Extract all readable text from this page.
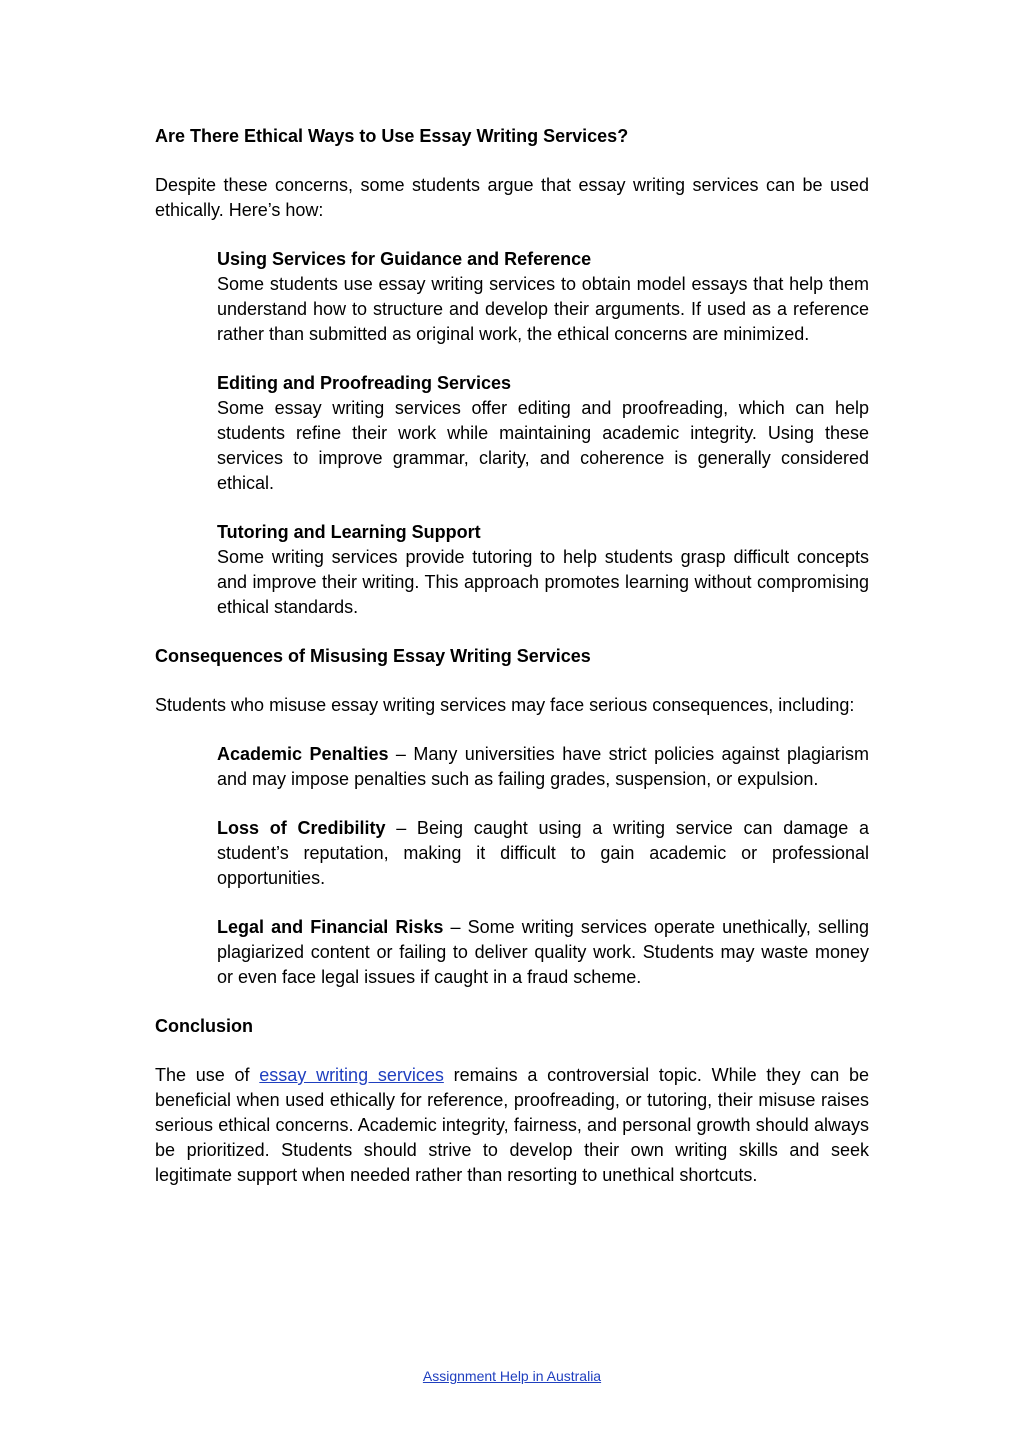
Are There Ethical Ways to Use Essay Writing Services?
Despite these concerns, some students argue that essay writing services can be used ethically. Here’s how:
Using Services for Guidance and Reference
Some students use essay writing services to obtain model essays that help them understand how to structure and develop their arguments. If used as a reference rather than submitted as original work, the ethical concerns are minimized.
Editing and Proofreading Services
Some essay writing services offer editing and proofreading, which can help students refine their work while maintaining academic integrity. Using these services to improve grammar, clarity, and coherence is generally considered ethical.
Tutoring and Learning Support
Some writing services provide tutoring to help students grasp difficult concepts and improve their writing. This approach promotes learning without compromising ethical standards.
Consequences of Misusing Essay Writing Services
Students who misuse essay writing services may face serious consequences, including:
Academic Penalties – Many universities have strict policies against plagiarism and may impose penalties such as failing grades, suspension, or expulsion.
Loss of Credibility – Being caught using a writing service can damage a student’s reputation, making it difficult to gain academic or professional opportunities.
Legal and Financial Risks – Some writing services operate unethically, selling plagiarized content or failing to deliver quality work. Students may waste money or even face legal issues if caught in a fraud scheme.
Conclusion
The use of essay writing services remains a controversial topic. While they can be beneficial when used ethically for reference, proofreading, or tutoring, their misuse raises serious ethical concerns. Academic integrity, fairness, and personal growth should always be prioritized. Students should strive to develop their own writing skills and seek legitimate support when needed rather than resorting to unethical shortcuts.
Assignment Help in Australia
